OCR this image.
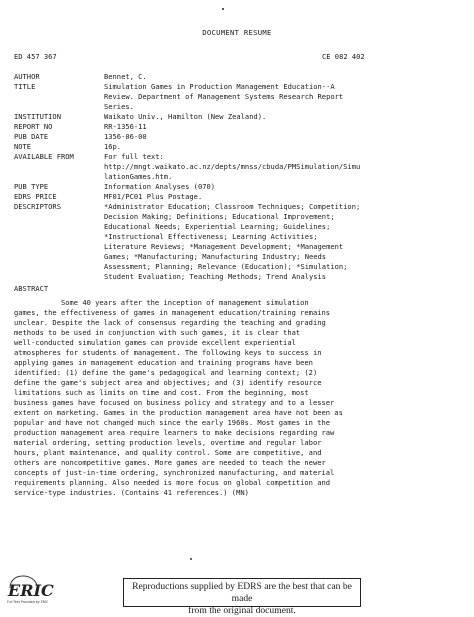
DOCUMENT RESUME
ED 457 367	CE 082 402
AUTHOR	Bennet, C.
TITLE	Simulation Games in Production Management Education--A
Review. Department of Management Systems Research Report
Series.
INSTITUTION	Waikato Univ., Hamilton (New Zealand).
REPORT NO	RR-1356-11
PUB DATE	1356-06-00
NOTE	16p.
AVAILABLE FROM	For full text:
http://mngt.waikato.ac.nz/depts/mnss/cbuda/PMSimulation/Simu
lationGames.htm.
PUB TYPE	Information Analyses (070)
EDRS PRICE	MF01/PC01 Plus Postage.
DESCRIPTORS	*Administrator Education; Classroom Techniques; Competition;
Decision Making; Definitions; Educational Improvement;
Educational Needs; Experiential Learning; Guidelines;
*Instructional Effectiveness; Learning Activities;
Literature Reviews; *Management Development; *Management
Games; *Manufacturing; Manufacturing Industry; Needs
Assessment; Planning; Relevance (Education); *Simulation;
Student Evaluation; Teaching Methods; Trend Analysis
ABSTRACT
Some 40 years after the inception of management simulation
games, the effectiveness of games in management education/training remains
unclear. Despite the lack of consensus regarding the teaching and grading
methods to be used in conjunction with such games, it is clear that
well-conducted simulation games can provide excellent experiential
atmospheres for students of management. The following keys to success in
applying games in management education and training programs have been
identified: (1) define the game's pedagogical and learning context; (2)
define the game's subject area and objectives; and (3) identify resource
limitations such as limits on time and cost. From the beginning, most
business games have focused on business policy and strategy and to a lesser
extent on marketing. Games in the production management area have not been as
popular and have not changed much since the early 1960s. Most games in the
production management area require learners to make decisions regarding raw
material ordering, setting production levels, overtime and regular labor
hours, plant maintenance, and quality control. Some are competitive, and
others are noncompetitive games. More games are needed to teach the newer
concepts of just-in-time ordering, synchronized manufacturing, and material
requirements planning. Also needed is more focus on global competition and
service-type industries. (Contains 41 references.) (MN)
ERIC
Full Text Provided by ERIC
Reproductions supplied by EDRS are the best that can be made
from the original document.
